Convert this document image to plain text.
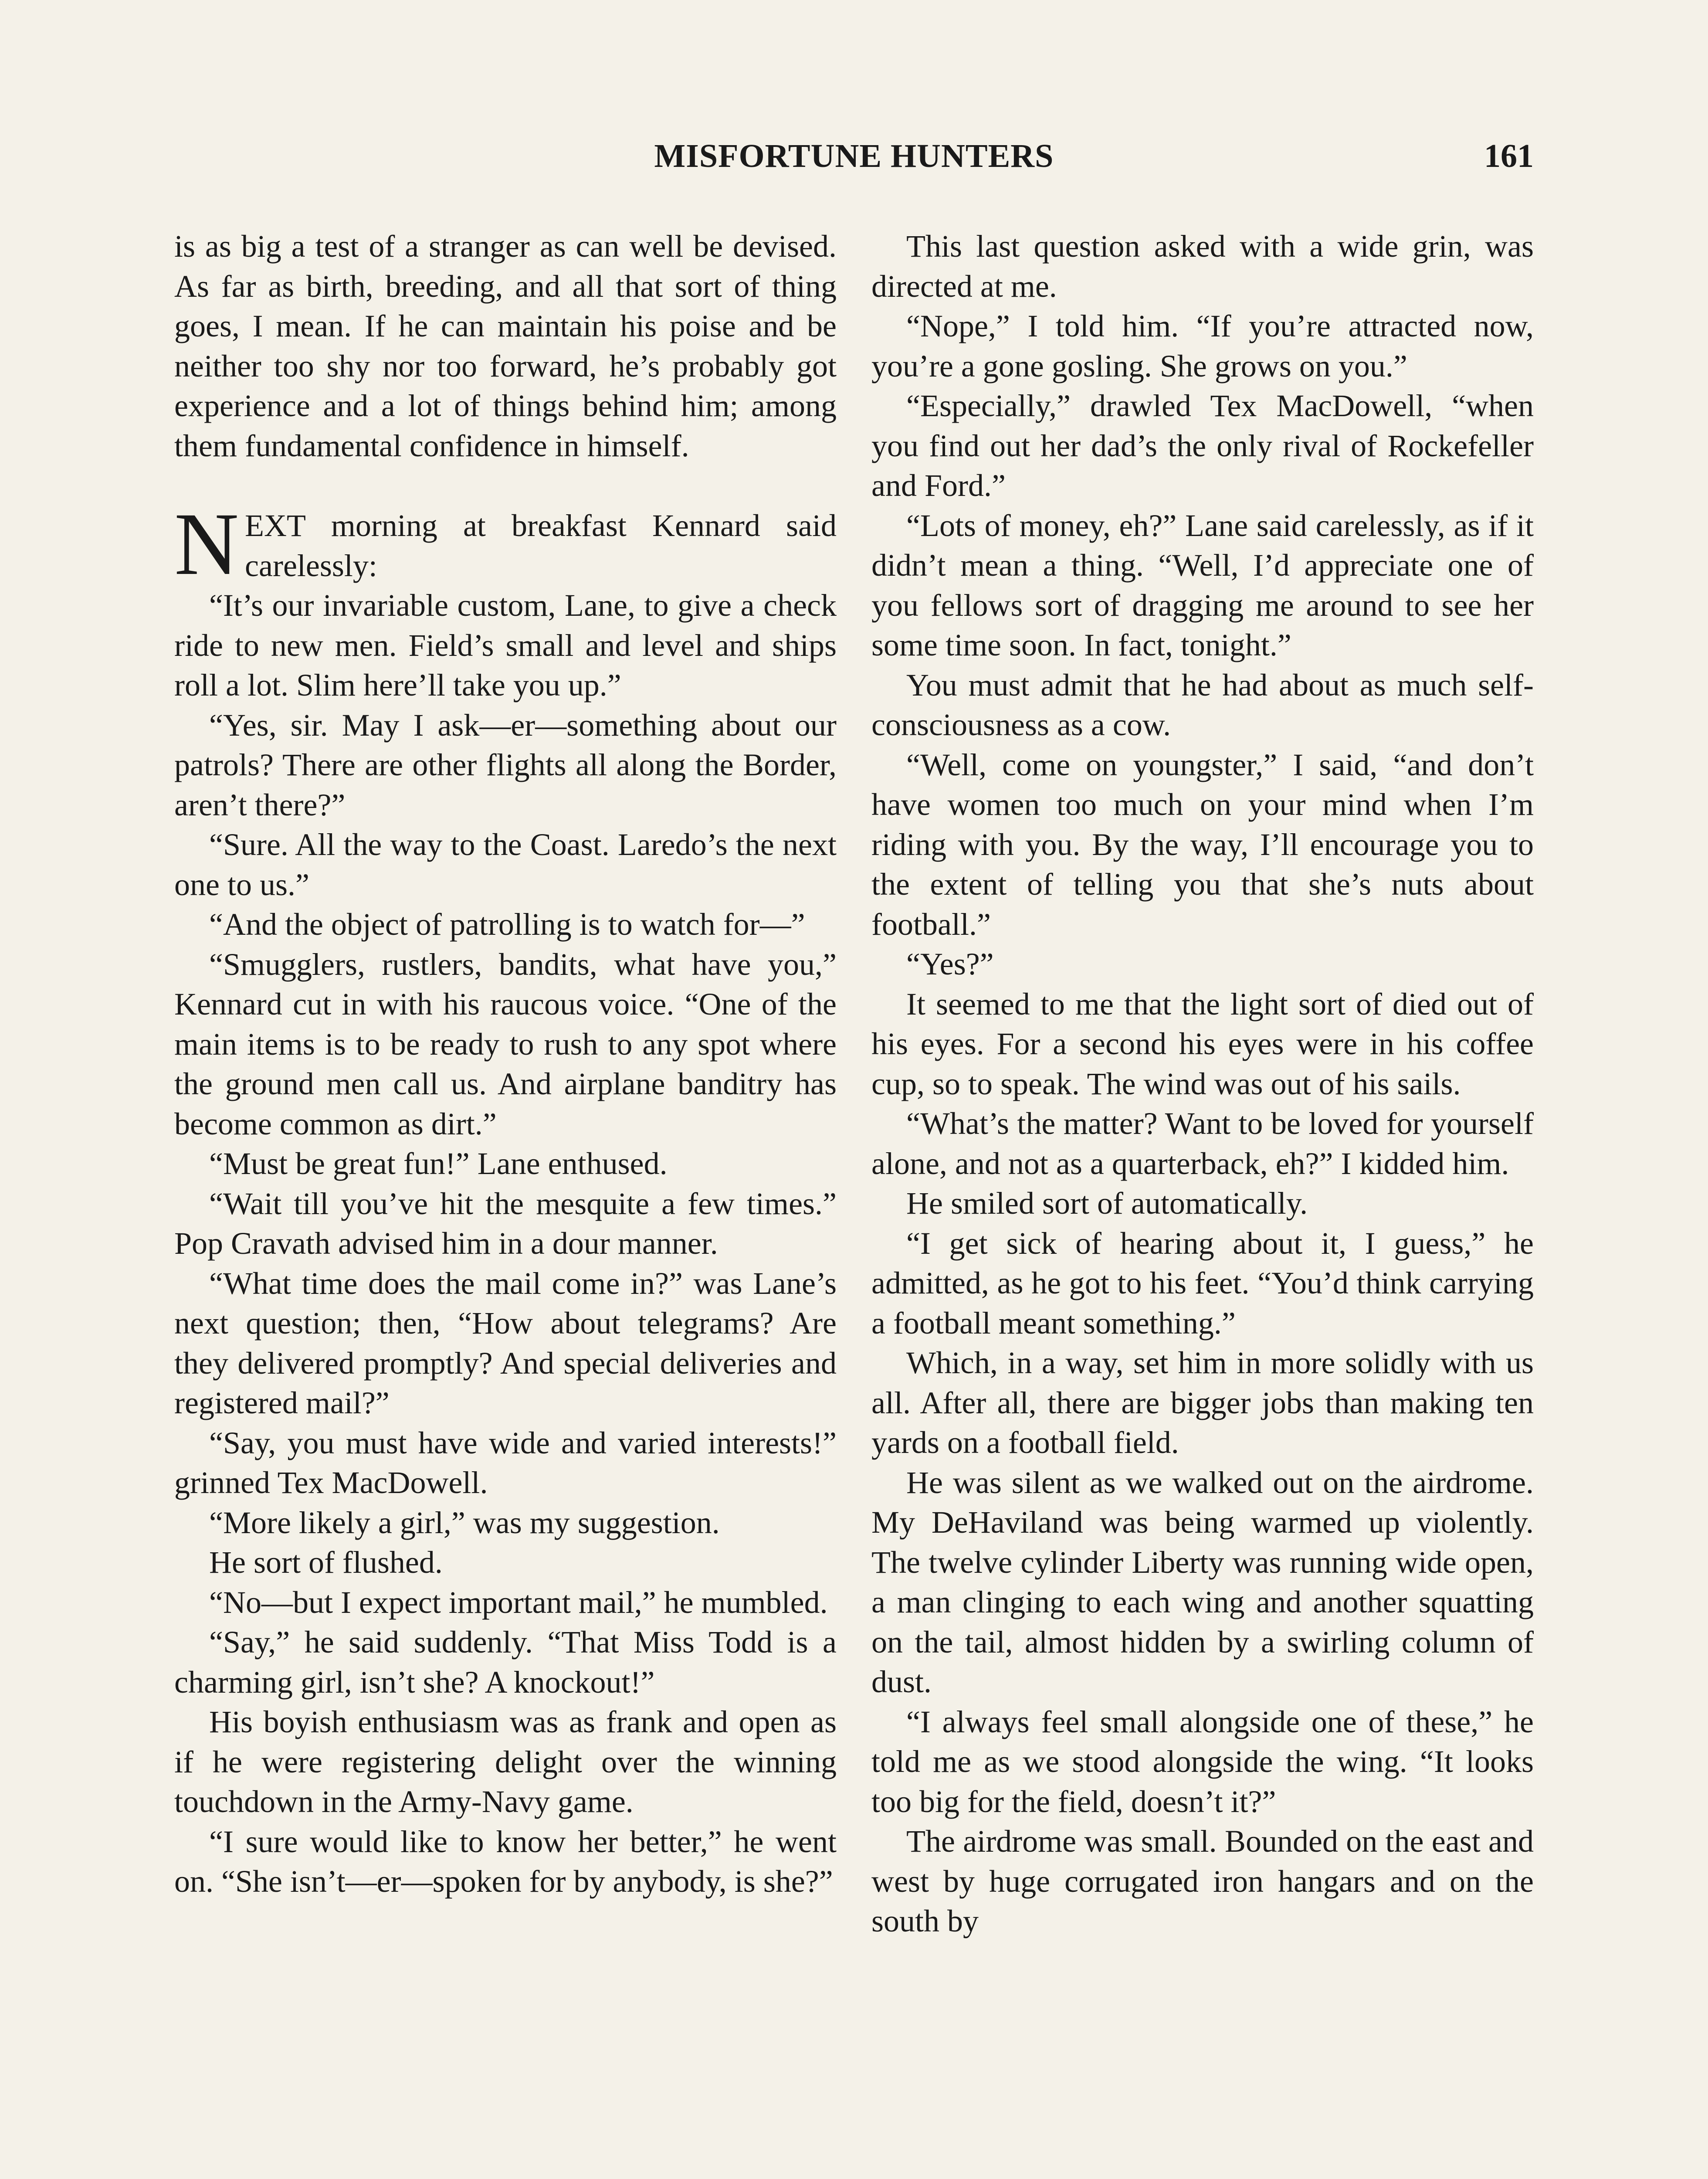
MISFORTUNE HUNTERS	161

is as big a test of a stranger as can well be devised. As far as birth, breeding, and all that sort of thing goes, I mean. If he can maintain his poise and be neither too shy nor too forward, he’s probably got experience and a lot of things behind him; among them fundamental confidence in himself.

NEXT morning at breakfast Kennard said carelessly:

“It’s our invariable custom, Lane, to give a check ride to new men. Field’s small and level and ships roll a lot. Slim here’ll take you up.”

“Yes, sir. May I ask—er—something about our patrols? There are other flights all along the Border, aren’t there?”

“Sure. All the way to the Coast. Laredo’s the next one to us.”

“And the object of patrolling is to watch for—”

“Smugglers, rustlers, bandits, what have you,” Kennard cut in with his raucous voice. “One of the main items is to be ready to rush to any spot where the ground men call us. And airplane banditry has become common as dirt.”

“Must be great fun!” Lane enthused.

“Wait till you’ve hit the mesquite a few times.” Pop Cravath advised him in a dour manner.

“What time does the mail come in?” was Lane’s next question; then, “How about telegrams? Are they delivered promptly? And special deliveries and registered mail?”

“Say, you must have wide and varied interests!” grinned Tex MacDowell.

“More likely a girl,” was my suggestion.

He sort of flushed.

“No—but I expect important mail,” he mumbled.

“Say,” he said suddenly. “That Miss Todd is a charming girl, isn’t she? A knockout!”

His boyish enthusiasm was as frank and open as if he were registering delight over the winning touchdown in the Army-Navy game.

“I sure would like to know her better,” he went on. “She isn’t—er—spoken for by anybody, is she?”

This last question asked with a wide grin, was directed at me.

“Nope,” I told him. “If you’re attracted now, you’re a gone gosling. She grows on you.”

“Especially,” drawled Tex MacDowell, “when you find out her dad’s the only rival of Rockefeller and Ford.”

“Lots of money, eh?” Lane said carelessly, as if it didn’t mean a thing. “Well, I’d appreciate one of you fellows sort of dragging me around to see her some time soon. In fact, tonight.”

You must admit that he had about as much self-consciousness as a cow.

“Well, come on youngster,” I said, “and don’t have women too much on your mind when I’m riding with you. By the way, I’ll encourage you to the extent of telling you that she’s nuts about football.”

“Yes?”

It seemed to me that the light sort of died out of his eyes. For a second his eyes were in his coffee cup, so to speak. The wind was out of his sails.

“What’s the matter? Want to be loved for yourself alone, and not as a quarterback, eh?” I kidded him.

He smiled sort of automatically.

“I get sick of hearing about it, I guess,” he admitted, as he got to his feet. “You’d think carrying a football meant something.”

Which, in a way, set him in more solidly with us all. After all, there are bigger jobs than making ten yards on a football field.

He was silent as we walked out on the airdrome. My DeHaviland was being warmed up violently. The twelve cylinder Liberty was running wide open, a man clinging to each wing and another squatting on the tail, almost hidden by a swirling column of dust.

“I always feel small alongside one of these,” he told me as we stood alongside the wing. “It looks too big for the field, doesn’t it?”

The airdrome was small. Bounded on the east and west by huge corrugated iron hangars and on the south by
